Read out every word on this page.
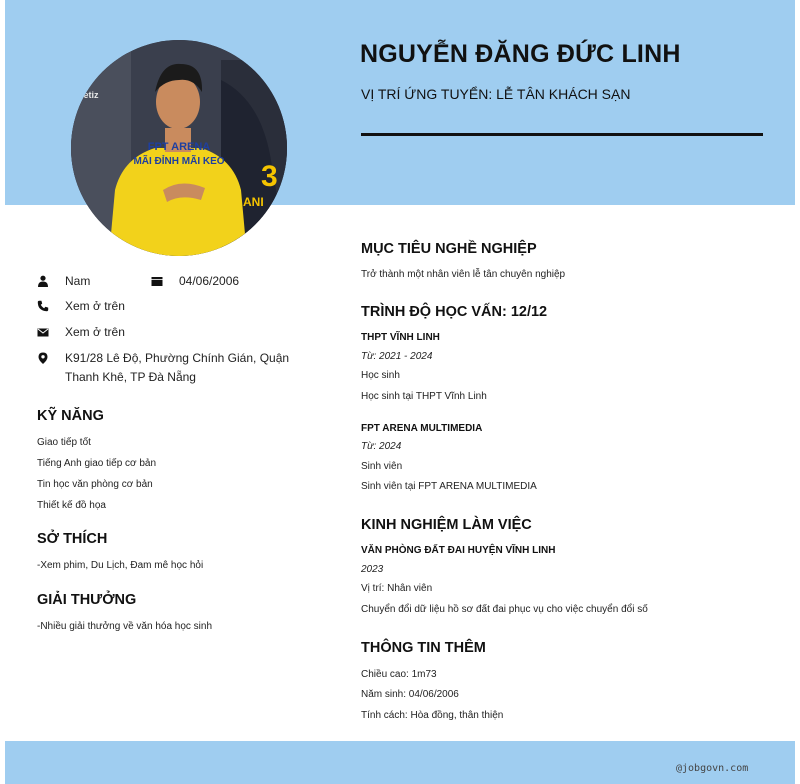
Betiz
3
ANI
FPT ARENA
MÃI ĐỈNH MÃI KEO
NGUYỄN ĐĂNG ĐỨC LINH
VỊ TRÍ ỨNG TUYỂN: LỄ TÂN KHÁCH SẠN
Nam	04/06/2006
Xem ở trên
Xem ở trên
K91/28 Lê Độ, Phường Chính Gián, Quận Thanh Khê, TP Đà Nẵng
KỸ NĂNG
Giao tiếp tốt
Tiếng Anh giao tiếp cơ bản
Tin học văn phòng cơ bản
Thiết kế đồ họa
SỞ THÍCH
-Xem phim, Du Lịch, Đam mê học hỏi
GIẢI THƯỞNG
-Nhiều giải thưởng về văn hóa học sinh
MỤC TIÊU NGHỀ NGHIỆP
Trở thành một nhân viên lễ tân chuyên nghiệp
TRÌNH ĐỘ HỌC VẤN: 12/12
THPT VĨNH LINH
Từ: 2021 - 2024
Học sinh
Học sinh tại THPT Vĩnh Linh
FPT ARENA MULTIMEDIA
Từ: 2024
Sinh viên
Sinh viên tại FPT ARENA MULTIMEDIA
KINH NGHIỆM LÀM VIỆC
VĂN PHÒNG ĐẤT ĐAI HUYỆN VĨNH LINH
2023
Vị trí: Nhân viên
Chuyển đổi dữ liệu hồ sơ đất đai phục vụ cho việc chuyển đổi số
THÔNG TIN THÊM
Chiều cao: 1m73
Năm sinh: 04/06/2006
Tính cách: Hòa đồng, thân thiện
@jobgovn.com
